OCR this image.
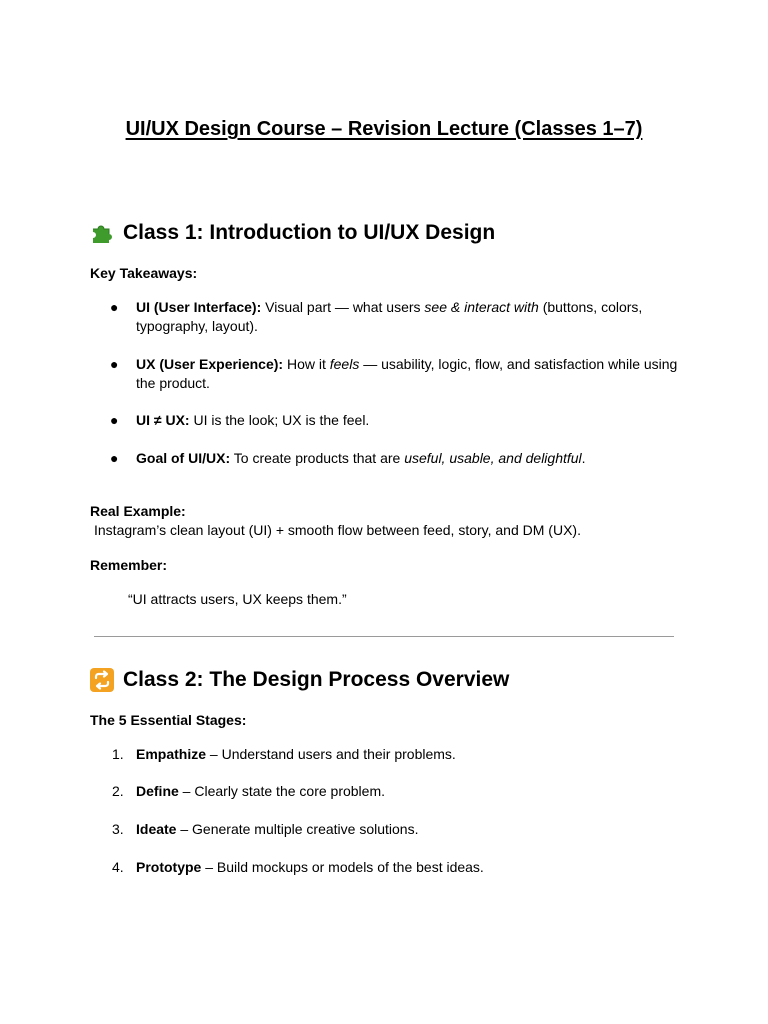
UI/UX Design Course – Revision Lecture (Classes 1–7)
Class 1: Introduction to UI/UX Design
Key Takeaways:
● UI (User Interface): Visual part — what users see & interact with (buttons, colors, typography, layout).
● UX (User Experience): How it feels — usability, logic, flow, and satisfaction while using the product.
● UI ≠ UX: UI is the look; UX is the feel.
● Goal of UI/UX: To create products that are useful, usable, and delightful.
Real Example:
Instagram’s clean layout (UI) + smooth flow between feed, story, and DM (UX).
Remember:
“UI attracts users, UX keeps them.”
Class 2: The Design Process Overview
The 5 Essential Stages:
1. Empathize – Understand users and their problems.
2. Define – Clearly state the core problem.
3. Ideate – Generate multiple creative solutions.
4. Prototype – Build mockups or models of the best ideas.
